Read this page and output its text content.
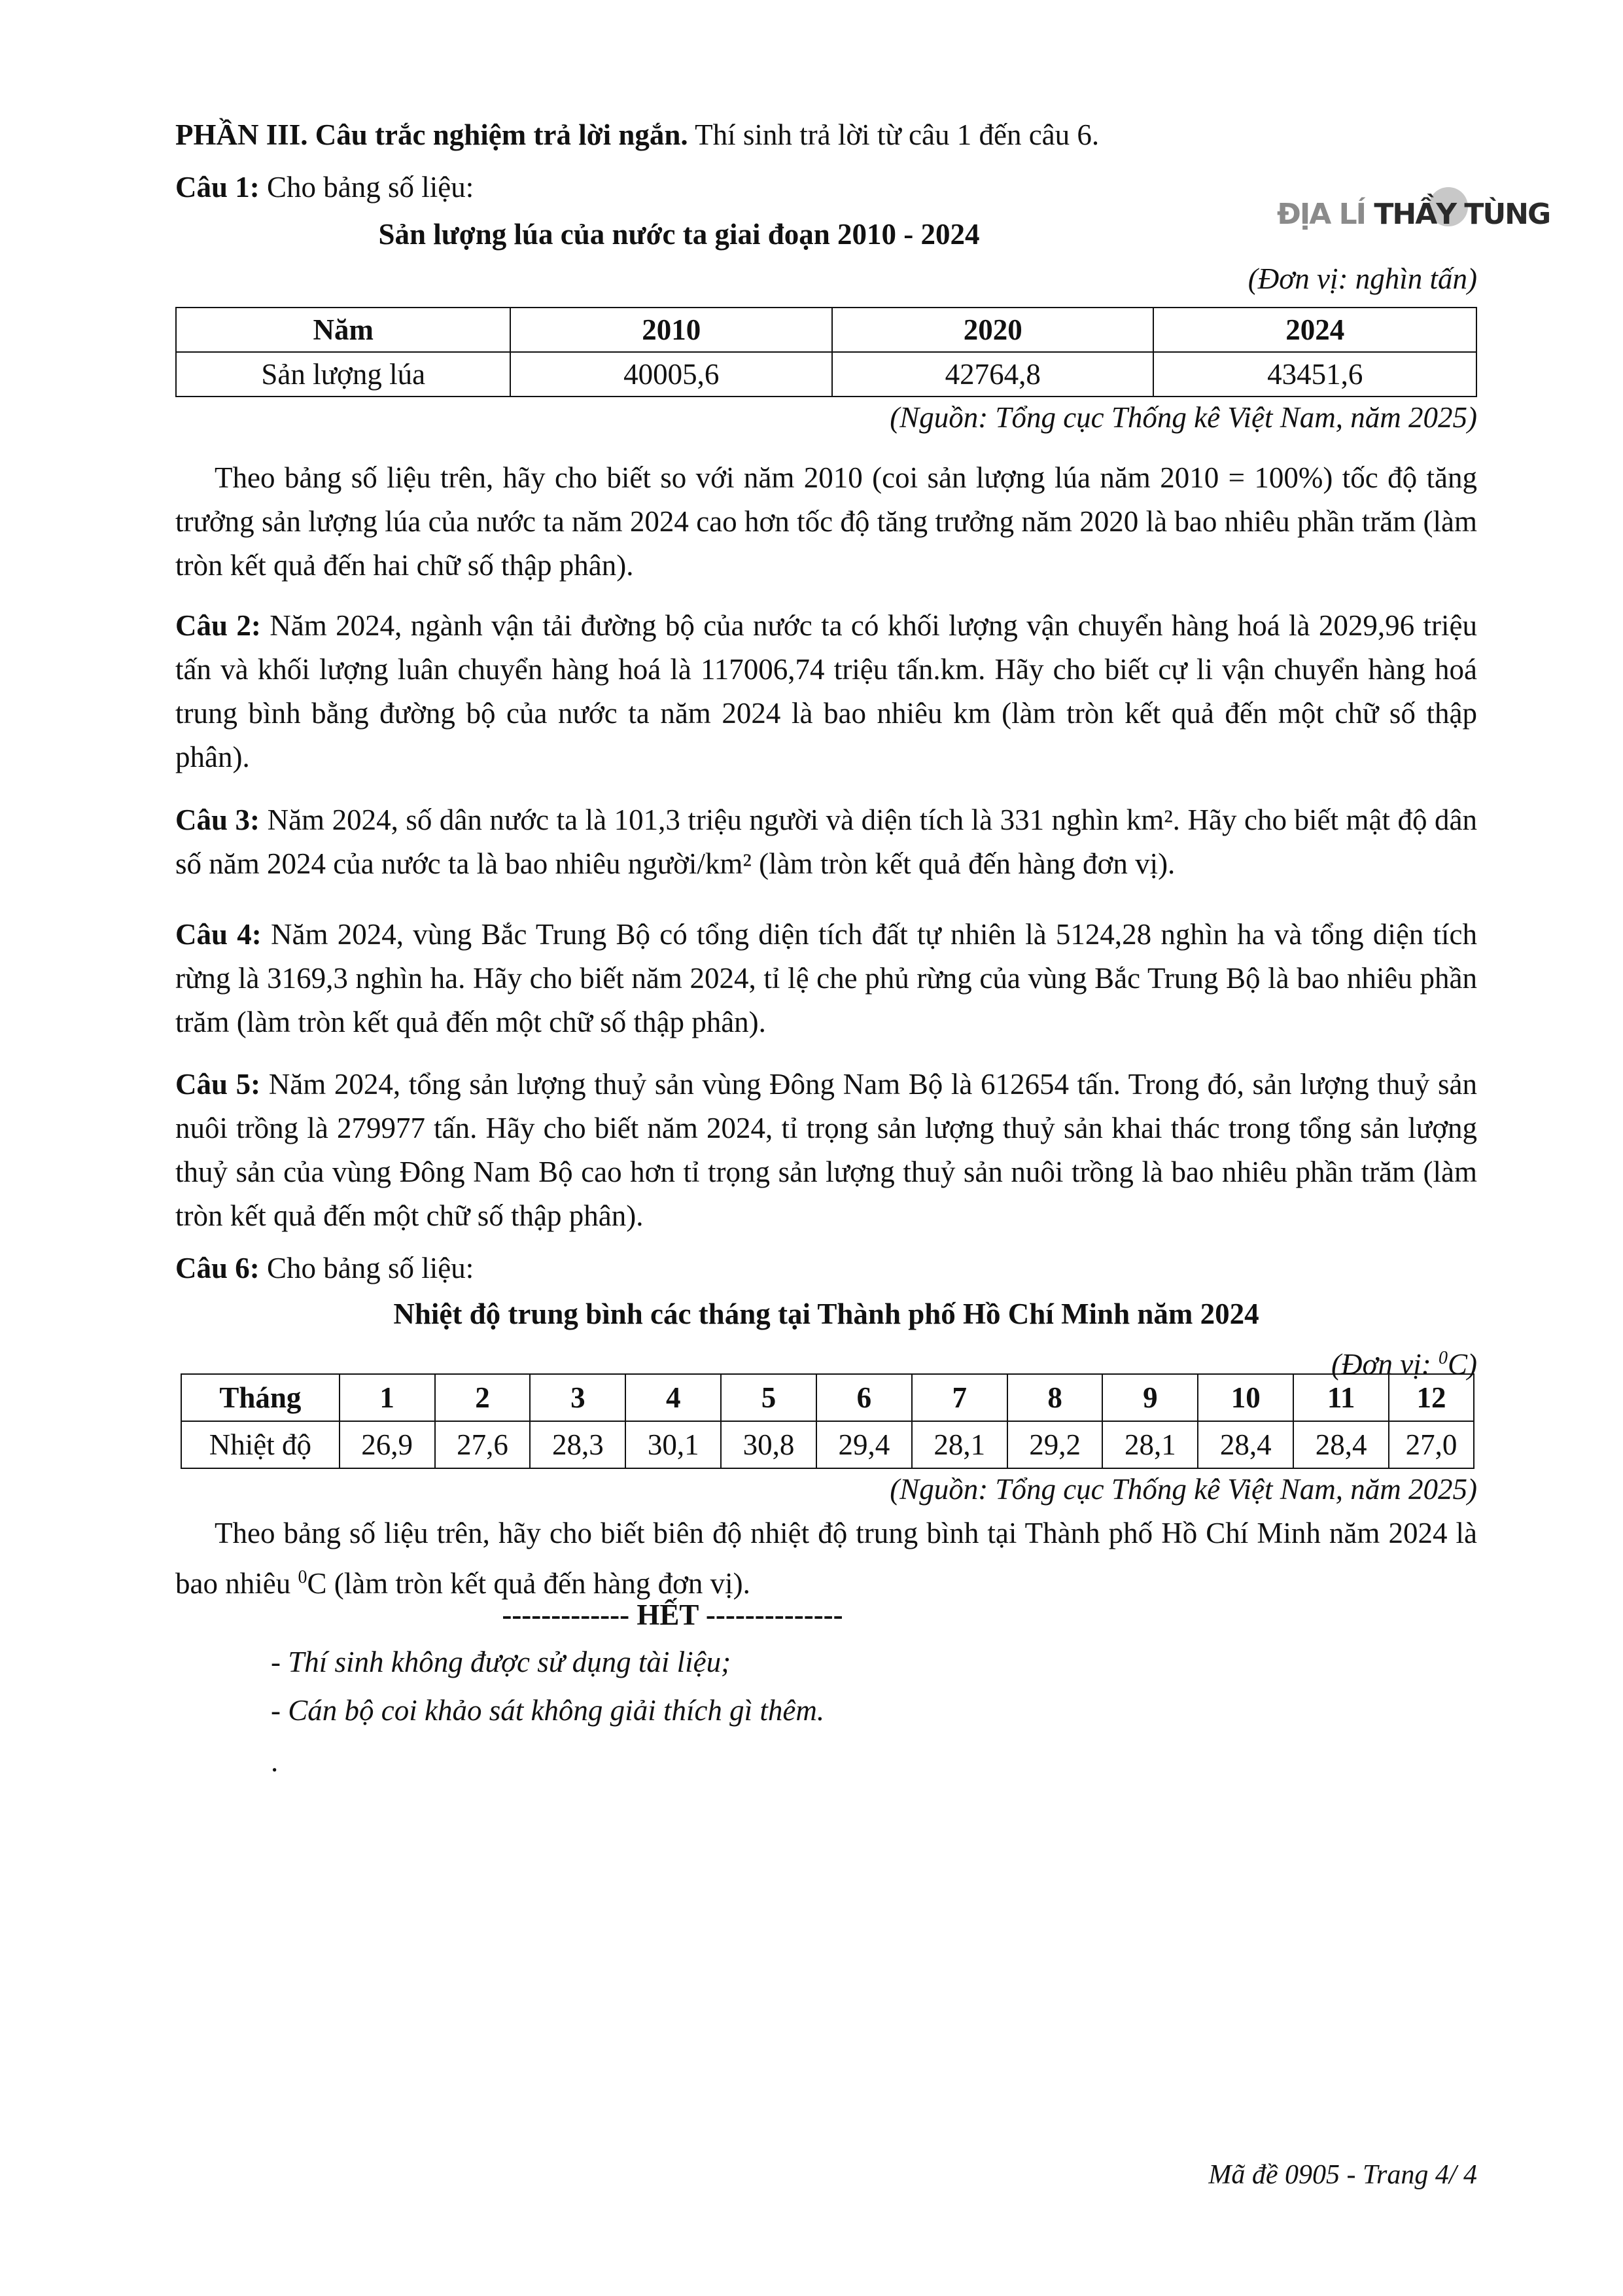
PHẦN III. Câu trắc nghiệm trả lời ngắn. Thí sinh trả lời từ câu 1 đến câu 6.
Câu 1: Cho bảng số liệu:
ĐỊA LÍ THẦY TÙNG
Sản lượng lúa của nước ta giai đoạn 2010 - 2024
(Đơn vị: nghìn tấn)
Năm	2010	2020	2024
Sản lượng lúa	40005,6	42764,8	43451,6
(Nguồn: Tổng cục Thống kê Việt Nam, năm 2025)
Theo bảng số liệu trên, hãy cho biết so với năm 2010 (coi sản lượng lúa năm 2010 = 100%) tốc độ tăng trưởng sản lượng lúa của nước ta năm 2024 cao hơn tốc độ tăng trưởng năm 2020 là bao nhiêu phần trăm (làm tròn kết quả đến hai chữ số thập phân).
Câu 2: Năm 2024, ngành vận tải đường bộ của nước ta có khối lượng vận chuyển hàng hoá là 2029,96 triệu tấn và khối lượng luân chuyển hàng hoá là 117006,74 triệu tấn.km. Hãy cho biết cự li vận chuyển hàng hoá trung bình bằng đường bộ của nước ta năm 2024 là bao nhiêu km (làm tròn kết quả đến một chữ số thập phân).
Câu 3: Năm 2024, số dân nước ta là 101,3 triệu người và diện tích là 331 nghìn km². Hãy cho biết mật độ dân số năm 2024 của nước ta là bao nhiêu người/km² (làm tròn kết quả đến hàng đơn vị).
Câu 4: Năm 2024, vùng Bắc Trung Bộ có tổng diện tích đất tự nhiên là 5124,28 nghìn ha và tổng diện tích rừng là 3169,3 nghìn ha. Hãy cho biết năm 2024, tỉ lệ che phủ rừng của vùng Bắc Trung Bộ là bao nhiêu phần trăm (làm tròn kết quả đến một chữ số thập phân).
Câu 5: Năm 2024, tổng sản lượng thuỷ sản vùng Đông Nam Bộ là 612654 tấn. Trong đó, sản lượng thuỷ sản nuôi trồng là 279977 tấn. Hãy cho biết năm 2024, tỉ trọng sản lượng thuỷ sản khai thác trong tổng sản lượng thuỷ sản của vùng Đông Nam Bộ cao hơn tỉ trọng sản lượng thuỷ sản nuôi trồng là bao nhiêu phần trăm (làm tròn kết quả đến một chữ số thập phân).
Câu 6: Cho bảng số liệu:
Nhiệt độ trung bình các tháng tại Thành phố Hồ Chí Minh năm 2024
(Đơn vị: $^0$C)
Tháng	1	2	3	4	5	6	7	8	9	10	11	12
Nhiệt độ	26,9	27,6	28,3	30,1	30,8	29,4	28,1	29,2	28,1	28,4	28,4	27,0
(Nguồn: Tổng cục Thống kê Việt Nam, năm 2025)
Theo bảng số liệu trên, hãy cho biết biên độ nhiệt độ trung bình tại Thành phố Hồ Chí Minh năm 2024 là bao nhiêu $^0$C (làm tròn kết quả đến hàng đơn vị).
------------- HẾT --------------
- Thí sinh không được sử dụng tài liệu;
- Cán bộ coi khảo sát không giải thích gì thêm.
.
Mã đề 0905 - Trang 4/ 4
